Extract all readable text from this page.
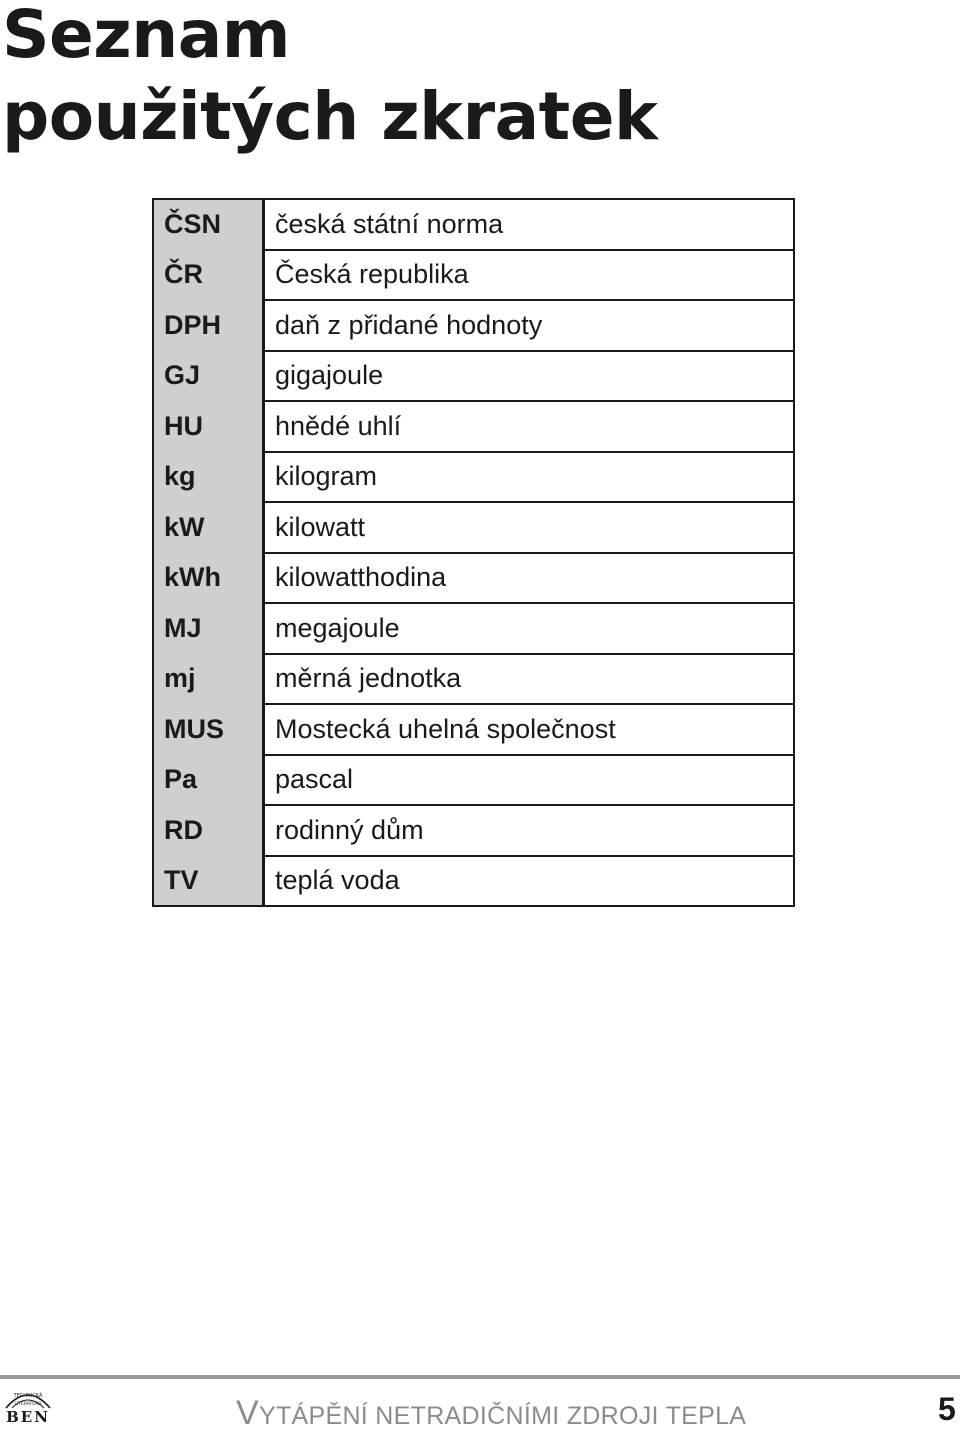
Seznam
použitých zkratek
ČSN	česká státní norma
ČR	Česká republika
DPH	daň z přidané hodnoty
GJ	gigajoule
HU	hnědé uhlí
kg	kilogram
kW	kilowatt
kWh	kilowatthodina
MJ	megajoule
mj	měrná jednotka
MUS	Mostecká uhelná společnost
Pa	pascal
RD	rodinný dům
TV	teplá voda
TECHNICKÁ
LITERATURA
BEN	VYTÁPĚNÍ NETRADIČNÍMI ZDROJI TEPLA	5
